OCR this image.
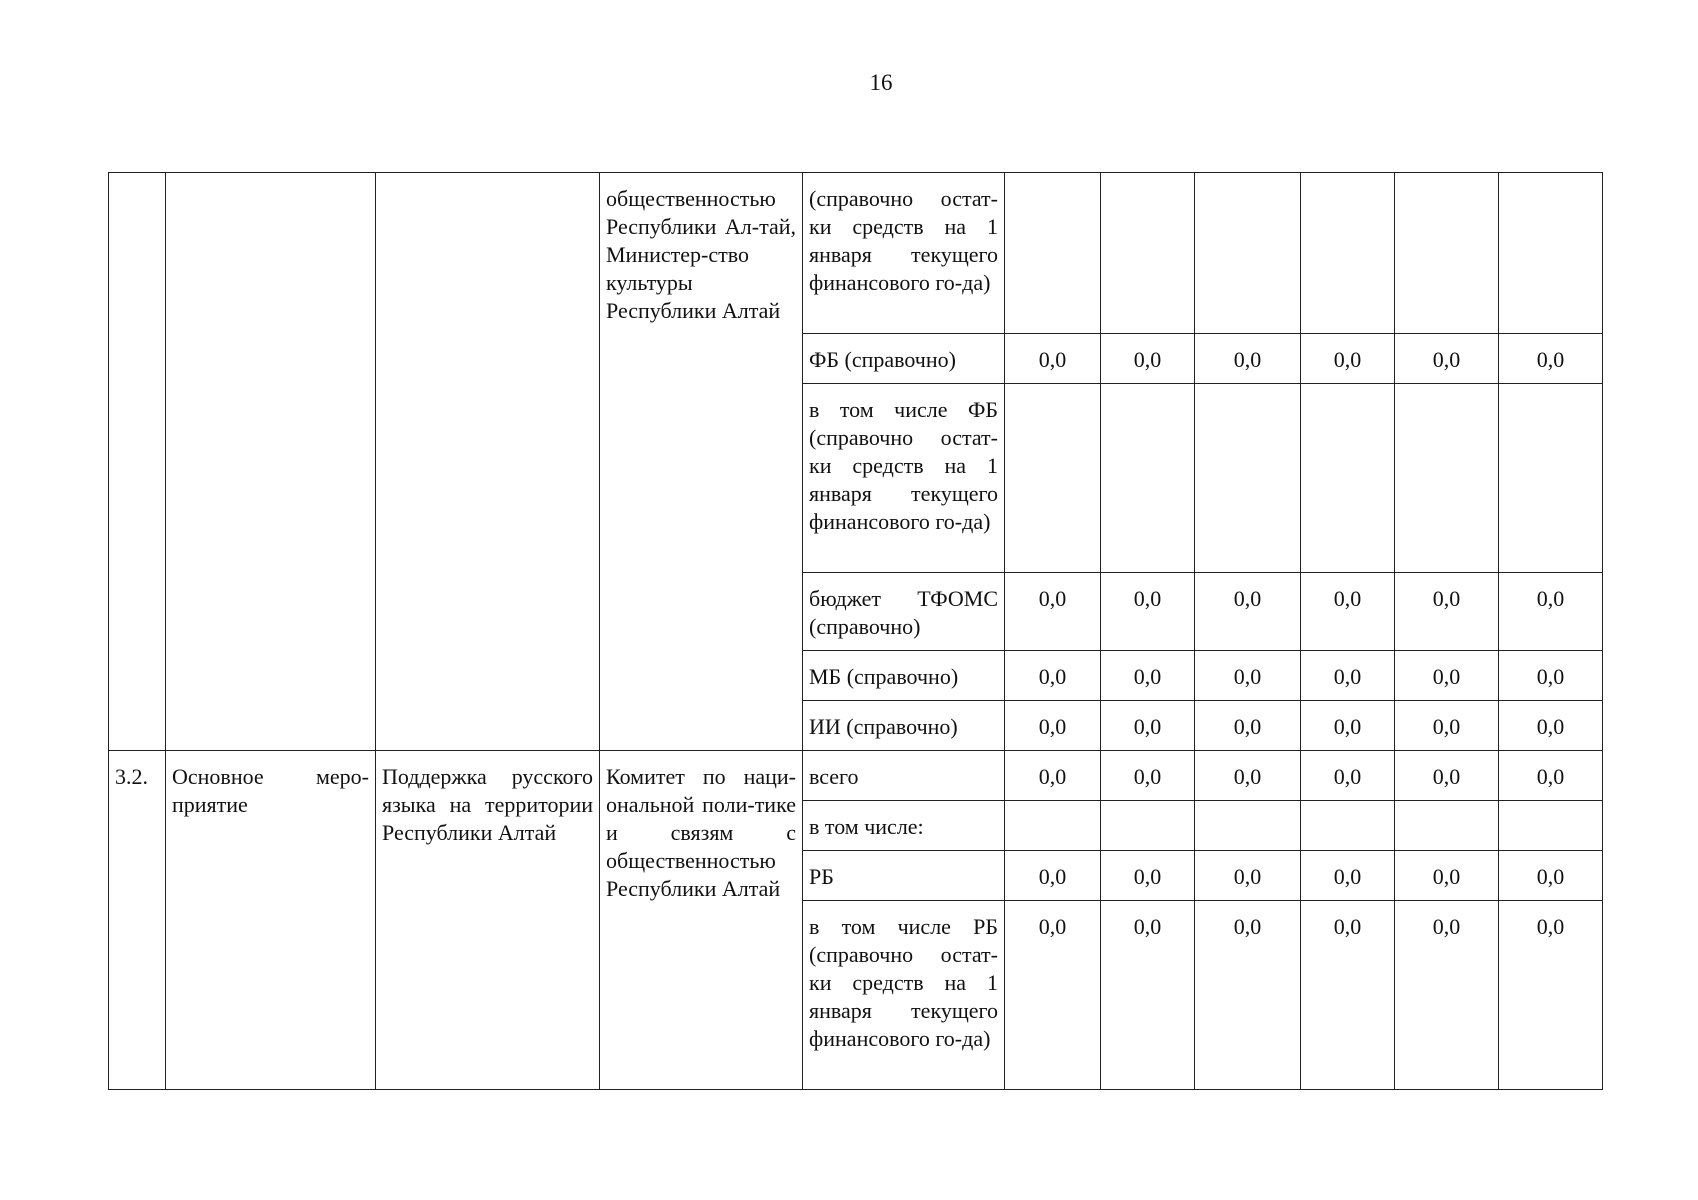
16
			общественностью Республики Ал-тай, Министер-ство культуры Республики Алтай	(справочно остат-ки средств на 1 января текущего финансового го-да)						
				ФБ (справочно)	0,0	0,0	0,0	0,0	0,0	0,0
				в том числе ФБ (справочно остат-ки средств на 1 января текущего финансового го-да)						
				бюджет ТФОМС (справочно)	0,0	0,0	0,0	0,0	0,0	0,0
				МБ (справочно)	0,0	0,0	0,0	0,0	0,0	0,0
				ИИ (справочно)	0,0	0,0	0,0	0,0	0,0	0,0
3.2.	Основное меро-приятие	Поддержка русского языка на территории Республики Алтай	Комитет по наци-ональной поли-тике и связям с общественностью Республики Алтай	всего	0,0	0,0	0,0	0,0	0,0	0,0
				в том числе:						
				РБ	0,0	0,0	0,0	0,0	0,0	0,0
				в том числе РБ (справочно остат-ки средств на 1 января текущего финансового го-да)	0,0	0,0	0,0	0,0	0,0	0,0
